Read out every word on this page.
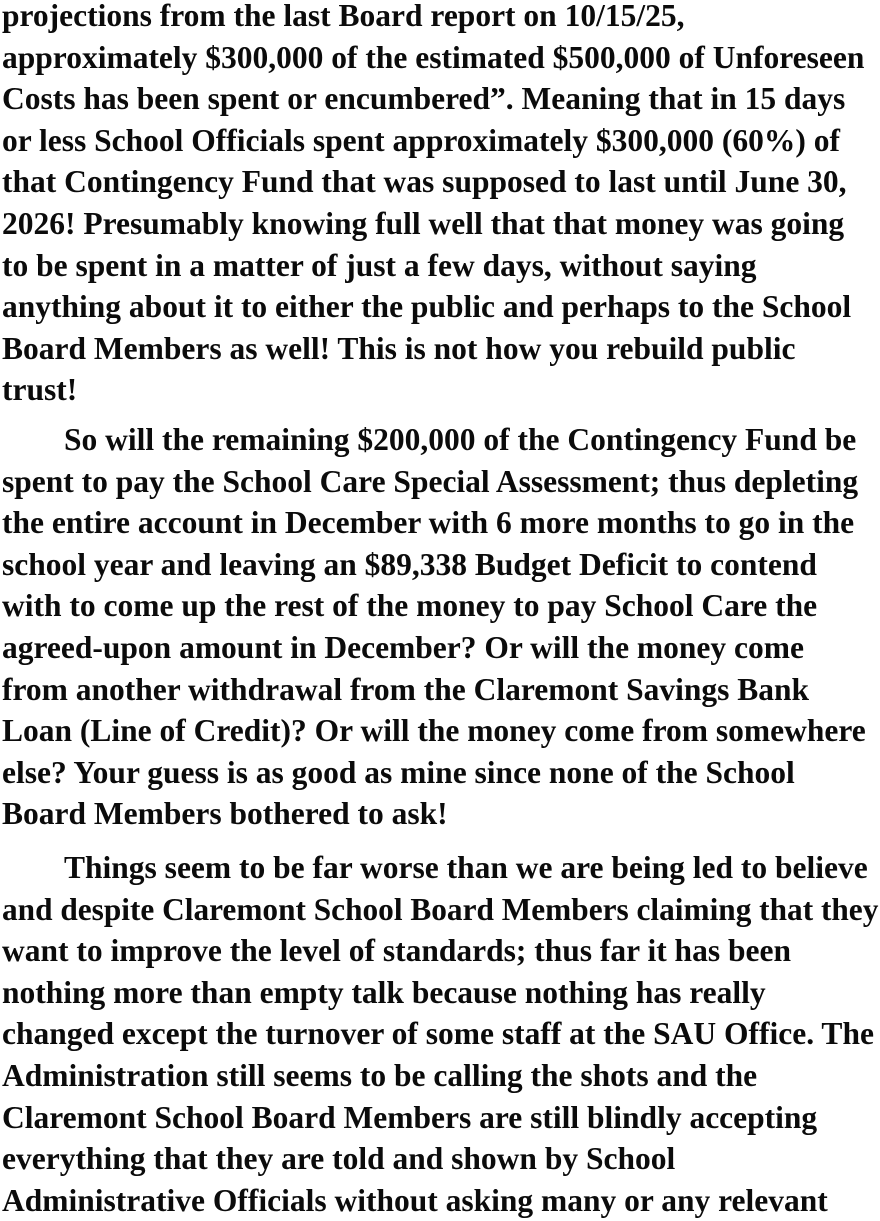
projections from the last Board report on 10/15/25,
approximately $300,000 of the estimated $500,000 of Unforeseen
Costs has been spent or encumbered”. Meaning that in 15 days
or less School Officials spent approximately $300,000 (60%) of
that Contingency Fund that was supposed to last until June 30,
2026! Presumably knowing full well that that money was going
to be spent in a matter of just a few days, without saying
anything about it to either the public and perhaps to the School
Board Members as well! This is not how you rebuild public
trust!
So will the remaining $200,000 of the Contingency Fund be
spent to pay the School Care Special Assessment; thus depleting
the entire account in December with 6 more months to go in the
school year and leaving an $89,338 Budget Deficit to contend
with to come up the rest of the money to pay School Care the
agreed-upon amount in December? Or will the money come
from another withdrawal from the Claremont Savings Bank
Loan (Line of Credit)? Or will the money come from somewhere
else? Your guess is as good as mine since none of the School
Board Members bothered to ask!
Things seem to be far worse than we are being led to believe
and despite Claremont School Board Members claiming that they
want to improve the level of standards; thus far it has been
nothing more than empty talk because nothing has really
changed except the turnover of some staff at the SAU Office. The
Administration still seems to be calling the shots and the
Claremont School Board Members are still blindly accepting
everything that they are told and shown by School
Administrative Officials without asking many or any relevant
